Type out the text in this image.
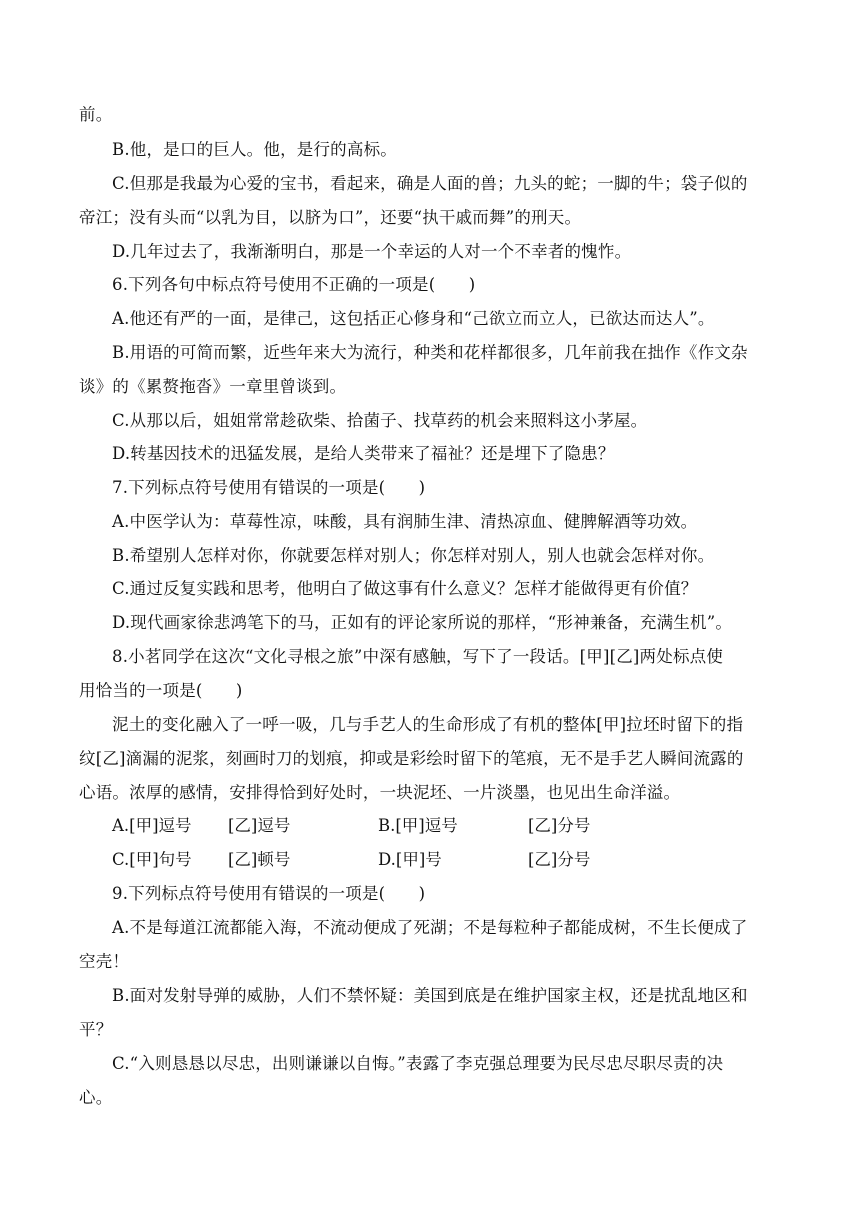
前。
B.他，是口的巨人。他，是行的高标。
C.但那是我最为心爱的宝书，看起来，确是人面的兽；九头的蛇；一脚的牛；袋子似的
帝江；没有头而“以乳为目，以脐为口”，还要“执干戚而舞”的刑天。
D.几年过去了，我渐渐明白，那是一个幸运的人对一个不幸者的愧怍。
6.下列各句中标点符号使用不正确的一项是(　　)
A.他还有严的一面，是律己，这包括正心修身和“己欲立而立人，已欲达而达人”。
B.用语的可简而繁，近些年来大为流行，种类和花样都很多，几年前我在拙作《作文杂
谈》的《累赘拖沓》一章里曾谈到。
C.从那以后，姐姐常常趁砍柴、拾菌子、找草药的机会来照料这小茅屋。
D.转基因技术的迅猛发展，是给人类带来了福祉？还是埋下了隐患？
7.下列标点符号使用有错误的一项是(　　)
A.中医学认为：草莓性凉，味酸，具有润肺生津、清热凉血、健脾解酒等功效。
B.希望别人怎样对你，你就要怎样对别人；你怎样对别人，别人也就会怎样对你。
C.通过反复实践和思考，他明白了做这事有什么意义？怎样才能做得更有价值？
D.现代画家徐悲鸿笔下的马，正如有的评论家所说的那样，“形神兼备，充满生机”。
8.小茗同学在这次“文化寻根之旅”中深有感触，写下了一段话。[甲][乙]两处标点使
用恰当的一项是(　　)
泥土的变化融入了一呼一吸，几与手艺人的生命形成了有机的整体[甲]拉坯时留下的指
纹[乙]滴漏的泥浆，刻画时刀的划痕，抑或是彩绘时留下的笔痕，无不是手艺人瞬间流露的
心语。浓厚的感情，安排得恰到好处时，一块泥坯、一片淡墨，也见出生命洋溢。
A.[甲]逗号 [乙]逗号	B.[甲]逗号	[乙]分号
C.[甲]句号 [乙]顿号	D.[甲]号	[乙]分号
9.下列标点符号使用有错误的一项是(　　)
A.不是每道江流都能入海，不流动便成了死湖；不是每粒种子都能成树，不生长便成了
空壳！
B.面对发射导弹的威胁，人们不禁怀疑：美国到底是在维护国家主权，还是扰乱地区和
平？
C.“入则恳恳以尽忠，出则谦谦以自悔。”表露了李克强总理要为民尽忠尽职尽责的决
心。
